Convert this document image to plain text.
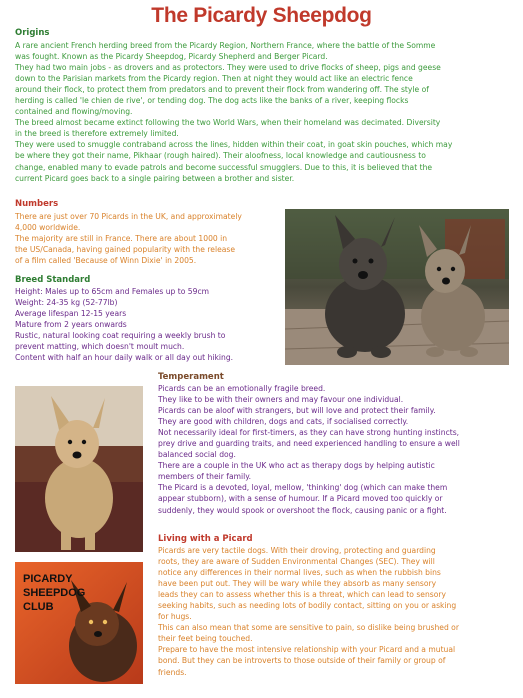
The Picardy Sheepdog
Origins
A rare ancient French herding breed from the Picardy Region, Northern France, where the battle of the Somme
was fought. Known as the Picardy Sheepdog, Picardy Shepherd and Berger Picard.
They had two main jobs - as drovers and as protectors. They were used to drive flocks of sheep, pigs and geese
down to the Parisian markets from the Picardy region. Then at night they would act like an electric fence
around their flock, to protect them from predators and to prevent their flock from wandering off. The style of
herding is called 'le chien de rive', or tending dog. The dog acts like the banks of a river, keeping flocks
contained and flowing/moving.
The breed almost became extinct following the two World Wars, when their homeland was decimated. Diversity
in the breed is therefore extremely limited.
They were used to smuggle contraband across the lines, hidden within their coat, in goat skin pouches, which may
be where they got their name, Pikhaar (rough haired). Their aloofness, local knowledge and cautiousness to
change, enabled many to evade patrols and become successful smugglers. Due to this, it is believed that the
current Picard goes back to a single pairing between a brother and sister.
Numbers
There are just over 70 Picards in the UK, and approximately
4,000 worldwide.
The majority are still in France. There are about 1000 in
the US/Canada, having gained popularity with the release
of a film called 'Because of Winn Dixie' in 2005.
Breed Standard
Height: Males up to 65cm and Females up to 59cm
Weight: 24-35 kg (52-77lb)
Average lifespan 12-15 years
Mature from 2 years onwards
Rustic, natural looking coat requiring a weekly brush to
prevent matting, which doesn't moult much.
Content with half an hour daily walk or all day out hiking.
Temperament
Picards can be an emotionally fragile breed.
They like to be with their owners and may favour one individual.
Picards can be aloof with strangers, but will love and protect their family.
They are good with children, dogs and cats, if socialised correctly.
Not necessarily ideal for first-timers, as they can have strong hunting instincts,
prey drive and guarding traits, and need experienced handling to ensure a well
balanced social dog.
There are a couple in the UK who act as therapy dogs by helping autistic
members of their family.
The Picard is a devoted, loyal, mellow, 'thinking' dog (which can make them
appear stubborn), with a sense of humour. If a Picard moved too quickly or
suddenly, they would spook or overshoot the flock, causing panic or a fight.
Living with a Picard
Picards are very tactile dogs. With their droving, protecting and guarding
roots, they are aware of Sudden Environmental Changes (SEC). They will
notice any differences in their normal lives, such as when the rubbish bins
have been put out. They will be wary while they absorb as many sensory
leads they can to assess whether this is a threat, which can lead to sensory
seeking habits, such as needing lots of bodily contact, sitting on you or asking
for hugs.
This can also mean that some are sensitive to pain, so dislike being brushed or
their feet being touched.
Prepare to have the most intensive relationship with your Picard and a mutual
bond. But they can be introverts to those outside of their family or group of
friends.
PICARDY
SHEEPDOG
CLUB
